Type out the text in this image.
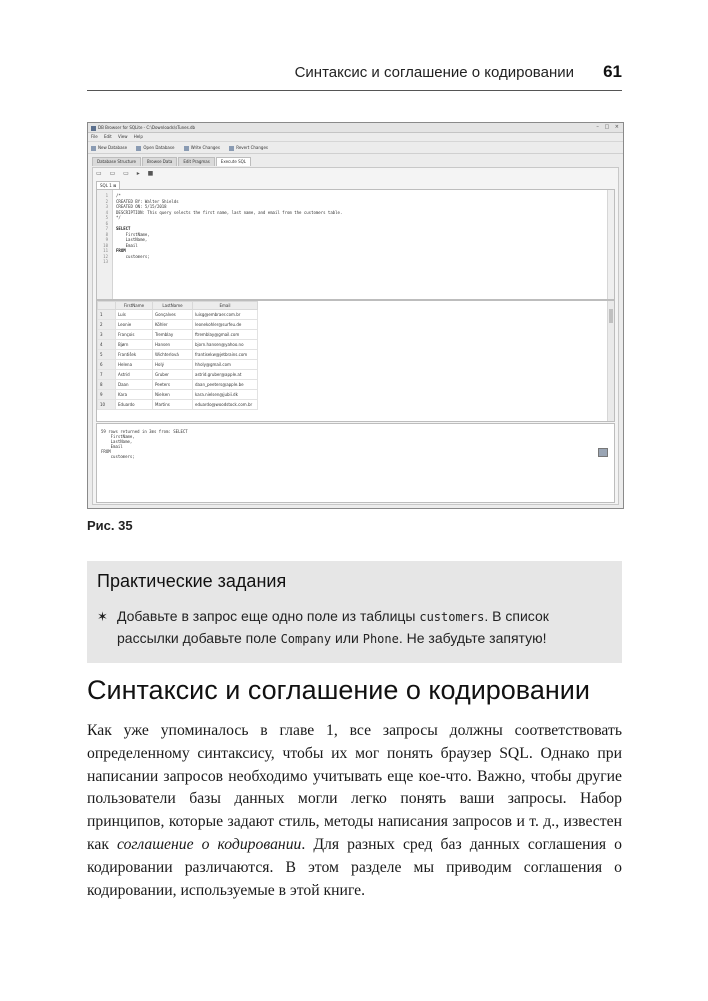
Синтаксис и соглашение о кодировании 61
DB Browser for SQLite - C:\Downloads\sTunes.db	– □ ×
File Edit View Help
New Database	Open Database	Write Changes	Revert Changes
Database Structure	Browse Data	Edit Pragmas	Execute SQL
▭ ▭ ▭ ▸ ■
SQL 1 ⊠
1 /*
2 CREATED BY: Walter Shields
3 CREATED ON: 5/15/2018
4 DESCRIPTION: This query selects the first name, last name, and email from the customers table.
5 */
6
7 SELECT
8 FirstName,
9 LastName,
10 Email
11 FROM
12 customers;
13
	FirstName	LastName	Email
1	Luís	Gonçalves	luisg@embraer.com.br
2	Leonie	Köhler	leonekohler@surfeu.de
3	François	Tremblay	ftremblay@gmail.com
4	Bjørn	Hansen	bjorn.hansen@yahoo.no
5	František	Wichterlová	frantisekw@jetbrains.com
6	Helena	Holý	hholy@gmail.com
7	Astrid	Gruber	astrid.gruber@apple.at
8	Daan	Peeters	daan_peeters@apple.be
9	Kara	Nielsen	kara.nielsen@jubii.dk
10	Eduardo	Martins	eduardo@woodstock.com.br
59 rows returned in 3ms from: SELECT
FirstName,
LastName,
Email
FROM
customers;
Рис. 35
Практические задания
✶ Добавьте в запрос еще одно поле из таблицы customers. В список рассылки добавьте поле Company или Phone. Не забудьте запятую!
Синтаксис и соглашение о кодировании

Как уже упоминалось в главе 1, все запросы должны соответствовать определенному синтаксису, чтобы их мог понять браузер SQL. Однако при написании запросов необходимо учитывать еще кое-что. Важно, чтобы другие пользователи базы данных могли легко понять ваши запросы. Набор принципов, которые задают стиль, методы написания запросов и т. д., известен как соглашение о кодировании. Для разных сред баз данных соглашения о кодировании различаются. В этом разделе мы приводим соглашения о кодировании, используемые в этой книге.
